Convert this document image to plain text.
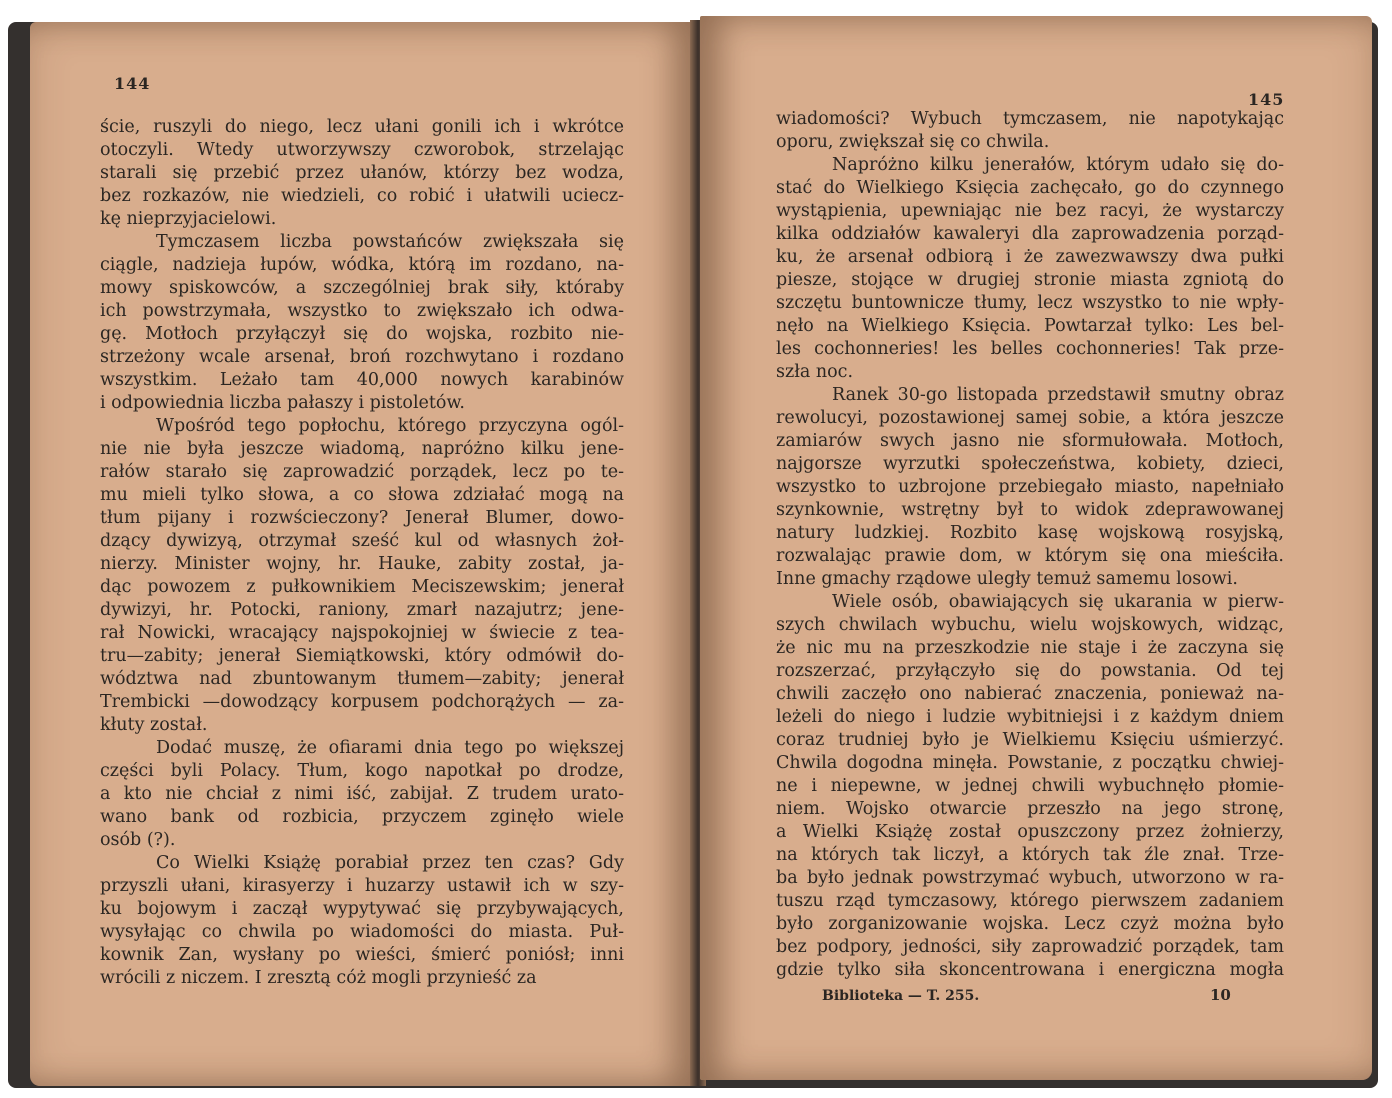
144
ście, ruszyli do niego, lecz ułani gonili ich i wkrótce
otoczyli. Wtedy utworzywszy czworobok, strzelając
starali się przebić przez ułanów, którzy bez wodza,
bez rozkazów, nie wiedzieli, co robić i ułatwili uciecz-
kę nieprzyjacielowi.
Tymczasem liczba powstańców zwiększała się
ciągle, nadzieja łupów, wódka, którą im rozdano, na-
mowy spiskowców, a szczególniej brak siły, któraby
ich powstrzymała, wszystko to zwiększało ich odwa-
gę. Motłoch przyłączył się do wojska, rozbito nie-
strzeżony wcale arsenał, broń rozchwytano i rozdano
wszystkim. Leżało tam 40,000 nowych karabinów
i odpowiednia liczba pałaszy i pistoletów.
Wpośród tego popłochu, którego przyczyna ogól-
nie nie była jeszcze wiadomą, napróżno kilku jene-
rałów starało się zaprowadzić porządek, lecz po te-
mu mieli tylko słowa, a co słowa zdziałać mogą na
tłum pijany i rozwścieczony? Jenerał Blumer, dowo-
dzący dywizyą, otrzymał sześć kul od własnych żoł-
nierzy. Minister wojny, hr. Hauke, zabity został, ja-
dąc powozem z pułkownikiem Meciszewskim; jenerał
dywizyi, hr. Potocki, raniony, zmarł nazajutrz; jene-
rał Nowicki, wracający najspokojniej w świecie z tea-
tru—zabity; jenerał Siemiątkowski, który odmówił do-
wództwa nad zbuntowanym tłumem—zabity; jenerał
Trembicki —dowodzący korpusem podchorążych — za-
kłuty został.
Dodać muszę, że ofiarami dnia tego po większej
części byli Polacy. Tłum, kogo napotkał po drodze,
a kto nie chciał z nimi iść, zabijał. Z trudem urato-
wano bank od rozbicia, przyczem zginęło wiele
osób (?).
Co Wielki Książę porabiał przez ten czas? Gdy
przyszli ułani, kirasyerzy i huzarzy ustawił ich w szy-
ku bojowym i zaczął wypytywać się przybywających,
wysyłając co chwila po wiadomości do miasta. Puł-
kownik Zan, wysłany po wieści, śmierć poniósł; inni
wrócili z niczem. I zresztą cóż mogli przynieść za
145
wiadomości? Wybuch tymczasem, nie napotykając
oporu, zwiększał się co chwila.
Napróżno kilku jenerałów, którym udało się do-
stać do Wielkiego Księcia zachęcało, go do czynnego
wystąpienia, upewniając nie bez racyi, że wystarczy
kilka oddziałów kawaleryi dla zaprowadzenia porząd-
ku, że arsenał odbiorą i że zawezwawszy dwa pułki
piesze, stojące w drugiej stronie miasta zgniotą do
szczętu buntownicze tłumy, lecz wszystko to nie wpły-
nęło na Wielkiego Księcia. Powtarzał tylko: Les bel-
les cochonneries! les belles cochonneries! Tak prze-
szła noc.
Ranek 30-go listopada przedstawił smutny obraz
rewolucyi, pozostawionej samej sobie, a która jeszcze
zamiarów swych jasno nie sformułowała. Motłoch,
najgorsze wyrzutki społeczeństwa, kobiety, dzieci,
wszystko to uzbrojone przebiegało miasto, napełniało
szynkownie, wstrętny był to widok zdeprawowanej
natury ludzkiej. Rozbito kasę wojskową rosyjską,
rozwalając prawie dom, w którym się ona mieściła.
Inne gmachy rządowe uległy temuż samemu losowi.
Wiele osób, obawiających się ukarania w pierw-
szych chwilach wybuchu, wielu wojskowych, widząc,
że nic mu na przeszkodzie nie staje i że zaczyna się
rozszerzać, przyłączyło się do powstania. Od tej
chwili zaczęło ono nabierać znaczenia, ponieważ na-
leżeli do niego i ludzie wybitniejsi i z każdym dniem
coraz trudniej było je Wielkiemu Księciu uśmierzyć.
Chwila dogodna minęła. Powstanie, z początku chwiej-
ne i niepewne, w jednej chwili wybuchnęło płomie-
niem. Wojsko otwarcie przeszło na jego stronę,
a Wielki Książę został opuszczony przez żołnierzy,
na których tak liczył, a których tak źle znał. Trze-
ba było jednak powstrzymać wybuch, utworzono w ra-
tuszu rząd tymczasowy, którego pierwszem zadaniem
było zorganizowanie wojska. Lecz czyż można było
bez podpory, jedności, siły zaprowadzić porządek, tam
gdzie tylko siła skoncentrowana i energiczna mogła
Biblioteka — T. 255.	10
